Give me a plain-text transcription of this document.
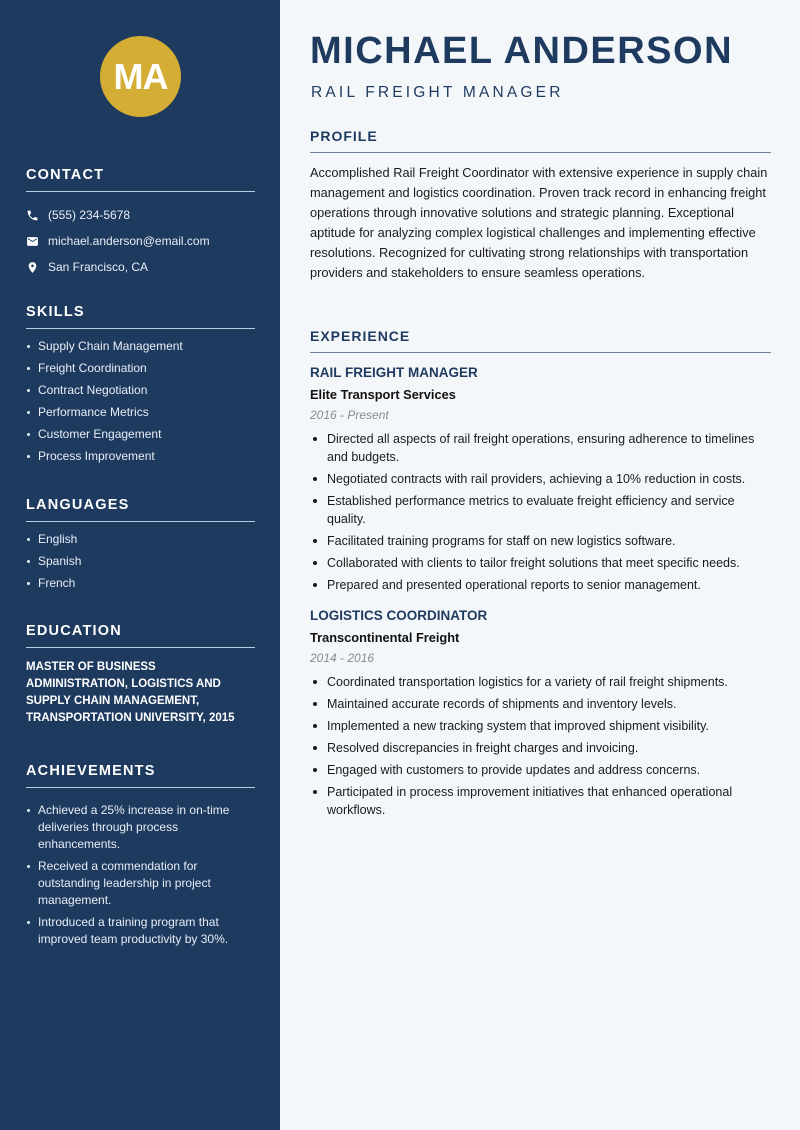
MA
CONTACT
(555) 234-5678
michael.anderson@email.com
San Francisco, CA
SKILLS
Supply Chain Management
Freight Coordination
Contract Negotiation
Performance Metrics
Customer Engagement
Process Improvement
LANGUAGES
English
Spanish
French
EDUCATION
MASTER OF BUSINESS ADMINISTRATION, LOGISTICS AND SUPPLY CHAIN MANAGEMENT, TRANSPORTATION UNIVERSITY, 2015
ACHIEVEMENTS
Achieved a 25% increase in on-time deliveries through process enhancements.
Received a commendation for outstanding leadership in project management.
Introduced a training program that improved team productivity by 30%.
MICHAEL ANDERSON
RAIL FREIGHT MANAGER
PROFILE
Accomplished Rail Freight Coordinator with extensive experience in supply chain management and logistics coordination. Proven track record in enhancing freight operations through innovative solutions and strategic planning. Exceptional aptitude for analyzing complex logistical challenges and implementing effective resolutions. Recognized for cultivating strong relationships with transportation providers and stakeholders to ensure seamless operations.
EXPERIENCE
RAIL FREIGHT MANAGER
Elite Transport Services
2016 - Present
Directed all aspects of rail freight operations, ensuring adherence to timelines and budgets.
Negotiated contracts with rail providers, achieving a 10% reduction in costs.
Established performance metrics to evaluate freight efficiency and service quality.
Facilitated training programs for staff on new logistics software.
Collaborated with clients to tailor freight solutions that meet specific needs.
Prepared and presented operational reports to senior management.
LOGISTICS COORDINATOR
Transcontinental Freight
2014 - 2016
Coordinated transportation logistics for a variety of rail freight shipments.
Maintained accurate records of shipments and inventory levels.
Implemented a new tracking system that improved shipment visibility.
Resolved discrepancies in freight charges and invoicing.
Engaged with customers to provide updates and address concerns.
Participated in process improvement initiatives that enhanced operational workflows.
